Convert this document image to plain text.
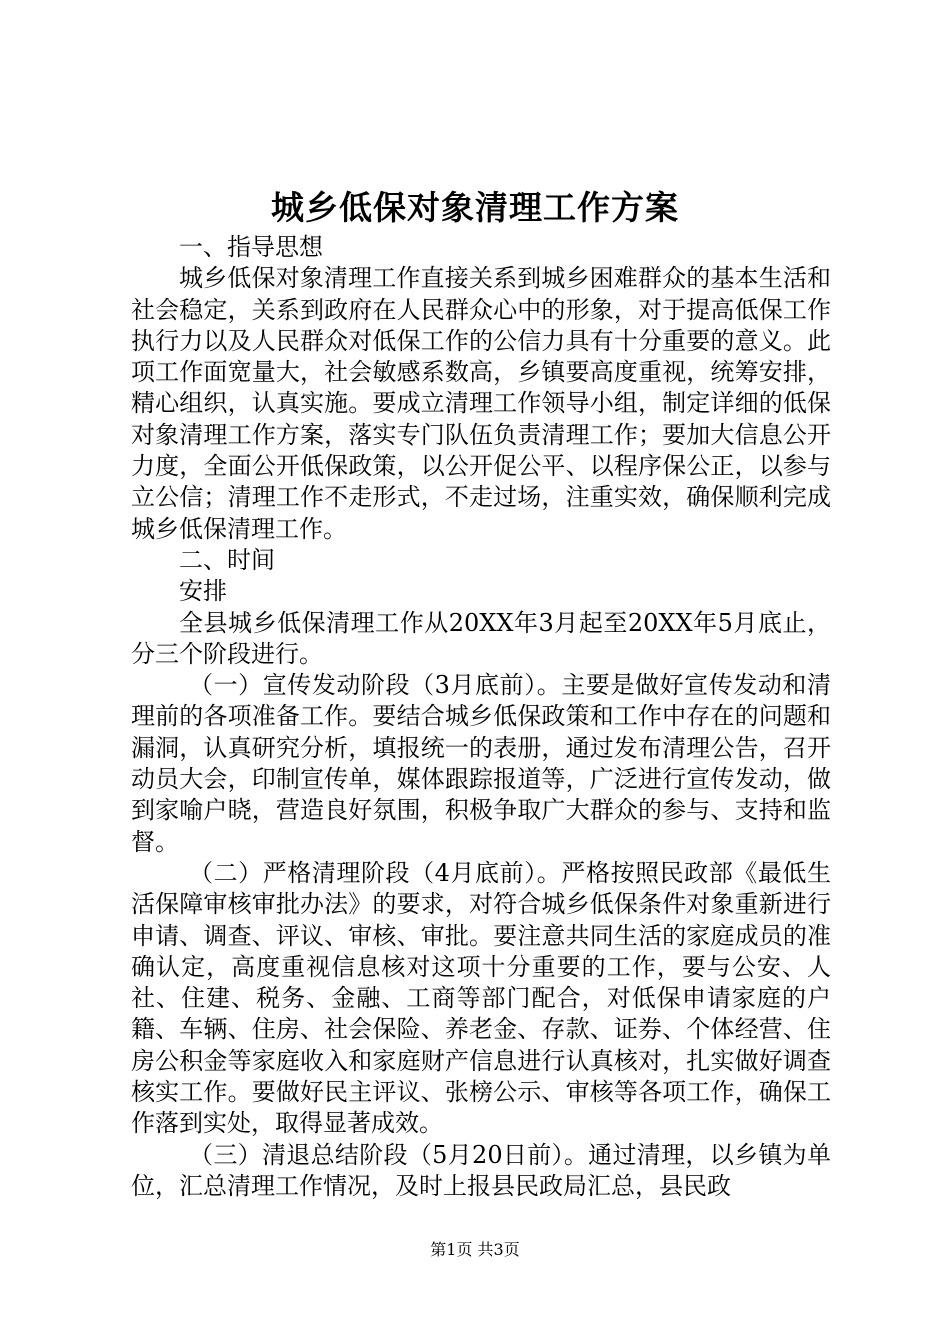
城乡低保对象清理工作方案

一、指导思想

城乡低保对象清理工作直接关系到城乡困难群众的基本生活和社会稳定，关系到政府在人民群众心中的形象，对于提高低保工作执行力以及人民群众对低保工作的公信力具有十分重要的意义。此项工作面宽量大，社会敏感系数高，乡镇要高度重视，统筹安排，精心组织，认真实施。要成立清理工作领导小组，制定详细的低保对象清理工作方案，落实专门队伍负责清理工作；要加大信息公开力度，全面公开低保政策，以公开促公平、以程序保公正，以参与立公信；清理工作不走形式，不走过场，注重实效，确保顺利完成城乡低保清理工作。

二、时间

安排

全县城乡低保清理工作从20XX年3月起至20XX年5月底止，分三个阶段进行。

（一）宣传发动阶段（3月底前）。主要是做好宣传发动和清理前的各项准备工作。要结合城乡低保政策和工作中存在的问题和漏洞，认真研究分析，填报统一的表册，通过发布清理公告，召开动员大会，印制宣传单，媒体跟踪报道等，广泛进行宣传发动，做到家喻户晓，营造良好氛围，积极争取广大群众的参与、支持和监督。

（二）严格清理阶段（4月底前）。严格按照民政部《最低生活保障审核审批办法》的要求，对符合城乡低保条件对象重新进行申请、调查、评议、审核、审批。要注意共同生活的家庭成员的准确认定，高度重视信息核对这项十分重要的工作，要与公安、人社、住建、税务、金融、工商等部门配合，对低保申请家庭的户籍、车辆、住房、社会保险、养老金、存款、证券、个体经营、住房公积金等家庭收入和家庭财产信息进行认真核对，扎实做好调查核实工作。要做好民主评议、张榜公示、审核等各项工作，确保工作落到实处，取得显著成效。

（三）清退总结阶段（5月20日前）。通过清理，以乡镇为单位，汇总清理工作情况，及时上报县民政局汇总，县民政

第1页 共3页
